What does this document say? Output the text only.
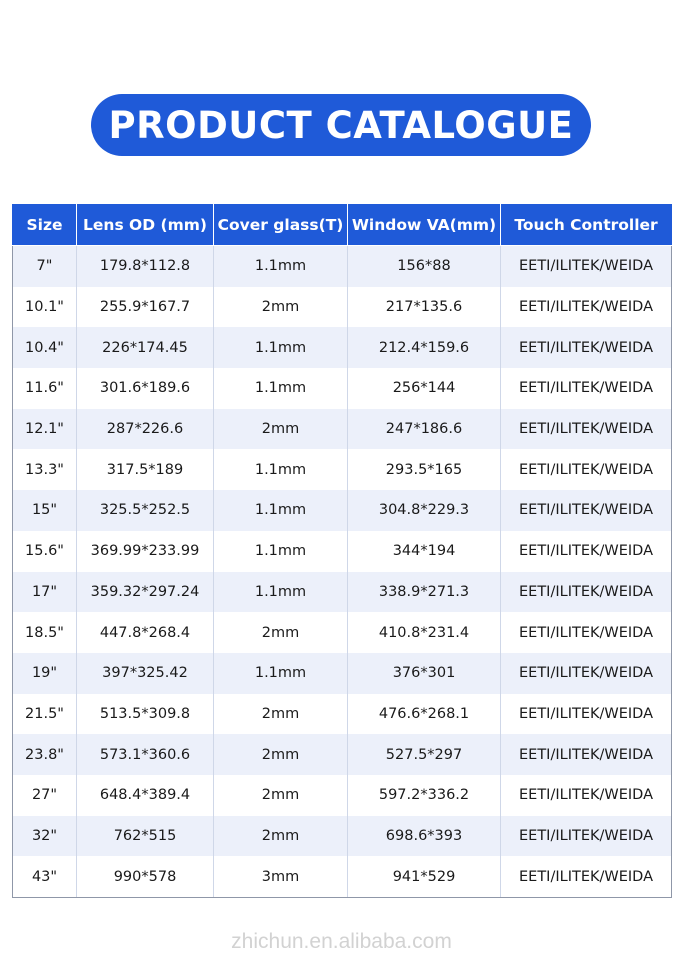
PRODUCT CATALOGUE
Size	Lens OD (mm)	Cover glass(T)	Window VA(mm)	Touch Controller
7"	179.8*112.8	1.1mm	156*88	EETI/ILITEK/WEIDA
10.1"	255.9*167.7	2mm	217*135.6	EETI/ILITEK/WEIDA
10.4"	226*174.45	1.1mm	212.4*159.6	EETI/ILITEK/WEIDA
11.6"	301.6*189.6	1.1mm	256*144	EETI/ILITEK/WEIDA
12.1"	287*226.6	2mm	247*186.6	EETI/ILITEK/WEIDA
13.3"	317.5*189	1.1mm	293.5*165	EETI/ILITEK/WEIDA
15"	325.5*252.5	1.1mm	304.8*229.3	EETI/ILITEK/WEIDA
15.6"	369.99*233.99	1.1mm	344*194	EETI/ILITEK/WEIDA
17"	359.32*297.24	1.1mm	338.9*271.3	EETI/ILITEK/WEIDA
18.5"	447.8*268.4	2mm	410.8*231.4	EETI/ILITEK/WEIDA
19"	397*325.42	1.1mm	376*301	EETI/ILITEK/WEIDA
21.5"	513.5*309.8	2mm	476.6*268.1	EETI/ILITEK/WEIDA
23.8"	573.1*360.6	2mm	527.5*297	EETI/ILITEK/WEIDA
27"	648.4*389.4	2mm	597.2*336.2	EETI/ILITEK/WEIDA
32"	762*515	2mm	698.6*393	EETI/ILITEK/WEIDA
43"	990*578	3mm	941*529	EETI/ILITEK/WEIDA
zhichun.en.alibaba.com
